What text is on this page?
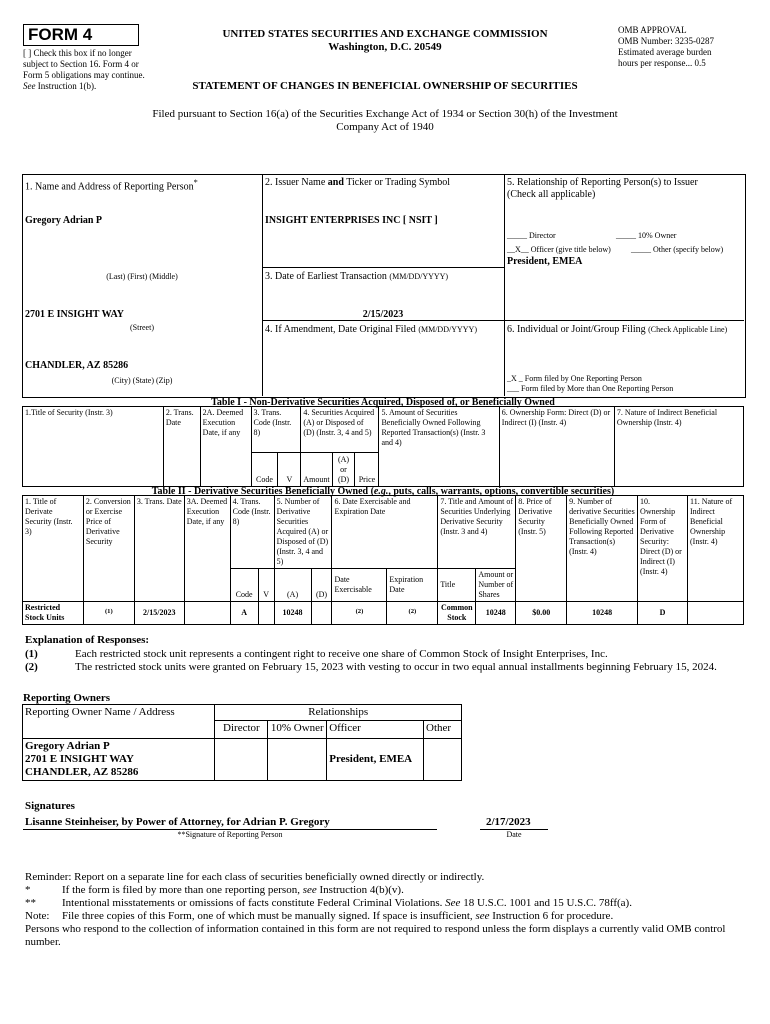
FORM 4
[ ] Check this box if no longer subject to Section 16. Form 4 or Form 5 obligations may continue. See Instruction 1(b).
UNITED STATES SECURITIES AND EXCHANGE COMMISSION
Washington, D.C. 20549
STATEMENT OF CHANGES IN BENEFICIAL OWNERSHIP OF SECURITIES
OMB APPROVAL
OMB Number: 3235-0287
Estimated average burden
hours per response... 0.5
Filed pursuant to Section 16(a) of the Securities Exchange Act of 1934 or Section 30(h) of the Investment Company Act of 1940
1. Name and Address of Reporting Person*
Gregory Adrian P
(Last) (First) (Middle)
2701 E INSIGHT WAY
(Street)
CHANDLER, AZ 85286
(City) (State) (Zip)
2. Issuer Name and Ticker or Trading Symbol
INSIGHT ENTERPRISES INC [ NSIT ]
3. Date of Earliest Transaction (MM/DD/YYYY)
2/15/2023
4. If Amendment, Date Original Filed (MM/DD/YYYY)
5. Relationship of Reporting Person(s) to Issuer
(Check all applicable)
_____ Director	_____ 10% Owner
__X__ Officer (give title below)	_____ Other (specify below)
President, EMEA
6. Individual or Joint/Group Filing (Check Applicable Line)
_X _ Form filed by One Reporting Person
___ Form filed by More than One Reporting Person
Table I - Non-Derivative Securities Acquired, Disposed of, or Beneficially Owned
1.Title of Security (Instr. 3)	2. Trans. Date	2A. Deemed Execution Date, if any	3. Trans. Code (Instr. 8)		4. Securities Acquired (A) or Disposed of (D) (Instr. 3, 4 and 5)			5. Amount of Securities Beneficially Owned Following Reported Transaction(s) (Instr. 3 and 4)	6. Ownership Form: Direct (D) or Indirect (I) (Instr. 4)	7. Nature of Indirect Beneficial Ownership (Instr. 4)
			Code	V	Amount	(A)
or
(D)	Price			
Table II - Derivative Securities Beneficially Owned (e.g., puts, calls, warrants, options, convertible securities)
1. Title of Derivate Security (Instr. 3)	2. Conversion or Exercise Price of Derivative Security	3. Trans. Date	3A. Deemed Execution Date, if any	4. Trans. Code (Instr. 8)		5. Number of Derivative Securities Acquired (A) or Disposed of (D) (Instr. 3, 4 and 5)		6. Date Exercisable and Expiration Date		7. Title and Amount of Securities Underlying Derivative Security (Instr. 3 and 4)		8. Price of Derivative Security (Instr. 5)	9. Number of derivative Securities Beneficially Owned Following Reported Transaction(s) (Instr. 4)	10. Ownership Form of Derivative Security: Direct (D) or Indirect (I) (Instr. 4)	11. Nature of Indirect Beneficial Ownership (Instr. 4)
				Code	V	(A)	(D)	Date Exercisable	Expiration Date	Title	Amount or Number of Shares				
Restricted Stock Units	$^{(1)}$	2/15/2023		A		10248		$^{(2)}$	$^{(2)}$	Common Stock	10248	$0.00	10248	D	
Explanation of Responses:
(1)	Each restricted stock unit represents a contingent right to receive one share of Common Stock of Insight Enterprises, Inc.
(2)	The restricted stock units were granted on February 15, 2023 with vesting to occur in two equal annual installments beginning February 15, 2024.
Reporting Owners
Reporting Owner Name / Address	Relationships			
	Director	10% Owner	Officer	Other

Gregory Adrian P
2701 E INSIGHT WAY
CHANDLER, AZ 85286			President, EMEA	
Signatures
Lisanne Steinheiser, by Power of Attorney, for Adrian P. Gregory
**Signature of Reporting Person
2/17/2023
Date
Reminder: Report on a separate line for each class of securities beneficially owned directly or indirectly.
*	If the form is filed by more than one reporting person, see Instruction 4(b)(v).
** Intentional misstatements or omissions of facts constitute Federal Criminal Violations. See 18 U.S.C. 1001 and 15 U.S.C. 78ff(a).
Note: File three copies of this Form, one of which must be manually signed. If space is insufficient, see Instruction 6 for procedure.
Persons who respond to the collection of information contained in this form are not required to respond unless the form displays a currently valid OMB control number.
